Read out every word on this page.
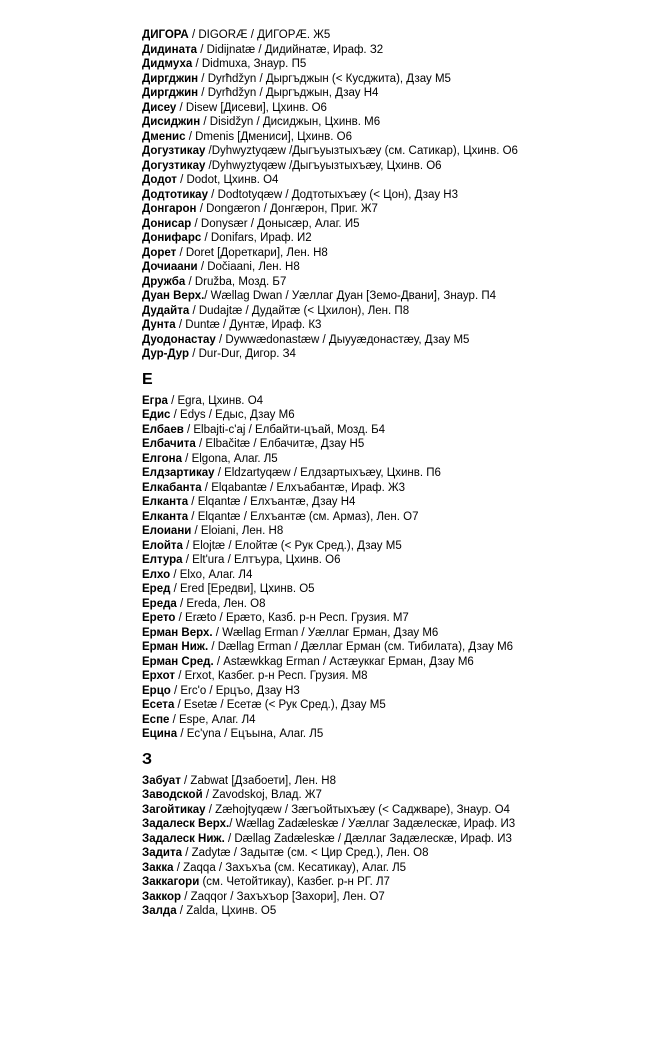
ДИГОРА / DIGORÆ / ДИГОРÆ. Ж5
Дидината / Didijnatæ / Дидийнатæ, Ираф. З2
Дидмуха / Didmuxa, Знаур. П5
Диргджин / Dyrħdžyn / Дыргъджын (< Кусджита), Дзау М5
Диргджин / Dyrħdžyn / Дыргъджын, Дзау Н4
Дисеу / Disew [Дисеви], Цхинв. О6
Дисиджин / Disidžyn / Дисиджын, Цхинв. М6
Дменис / Dmenis [Дмениси], Цхинв. О6
Догузтикау /Dyhwyztyqæw /Дыгъуызтыхъæу (см. Сатикар), Цхинв. О6
Догузтикау /Dyhwyztyqæw /Дыгъуызтыхъæу, Цхинв. О6
Додот / Dodot, Цхинв. О4
Додтотикау / Dodtotyqæw / Додтотыхъæу (< Цон), Дзау Н3
Донгарон / Dongæron / Донгæрон, Приг. Ж7
Донисар / Donysær / Донысæр, Алаг. И5
Донифарс / Donifars, Ираф. И2
Дорет / Doret [Дореткари], Лен. Н8
Дочиаани / Dočiaani, Лен. Н8
Дружба / Družba, Мозд. Б7
Дуан Верх./ Wællag Dwan / Уæллаг Дуан [Земо-Двани], Знаур. П4
Дудайта / Dudajtæ / Дудайтæ (< Цхилон), Лен. П8
Дунта / Duntæ / Дунтæ, Ираф. К3
Дуодонастау / Dywwædonastæw / Дыууæдонастæу, Дзау М5
Дур-Дур / Dur-Dur, Дигор. З4
Е
Егра / Egra, Цхинв. О4
Едис / Edys / Едыс, Дзау М6
Елбаев / Elbajti-c'aj / Елбайти-цъай, Мозд. Б4
Елбачита / Elbačitæ / Елбачитæ, Дзау Н5
Елгона / Elgona, Алаг. Л5
Елдзартикау / Eldzartyqæw / Елдзартыхъæу, Цхинв. П6
Елкабанта / Elqabantæ / Елхъабантæ, Ираф. Ж3
Елканта / Elqantæ / Елхъантæ, Дзау Н4
Елканта / Elqantæ / Елхъантæ (см. Армаз), Лен. О7
Елоиани / Eloiani, Лен. Н8
Елойта / Elojtæ / Елойтæ (< Рук Сред.), Дзау М5
Елтура / Elt'ura / Елтъура, Цхинв. О6
Елхо / Elxo, Алаг. Л4
Еред / Ered [Ередви], Цхинв. О5
Ереда / Ereda, Лен. О8
Ерето / Eræto / Ерæто, Казб. р-н Респ. Грузия. М7
Ерман Верх. / Wællag Erman / Уæллаг Ерман, Дзау М6
Ерман Ниж. / Dællag Erman / Дæллаг Ерман (см. Тибилата), Дзау М6
Ерман Сред. / Astæwkkag Erman / Астæуккаг Ерман, Дзау М6
Ерхот / Erxot, Казбег. р-н Респ. Грузия. М8
Ерцо / Erc'o / Ерцъо, Дзау Н3
Есета / Esetæ / Есетæ (< Рук Сред.), Дзау М5
Еспе / Espe, Алаг. Л4
Ецина / Ec'yna / Ецъына, Алаг. Л5
З
Забуат / Zabwat [Дзабоети], Лен. Н8
Заводской / Zavodskoj, Влад. Ж7
Загойтикау / Zæhojtyqæw / Зæгъойтыхъæу (< Саджваре), Знаур. О4
Задалеск Верх./ Wællag Zadæleskæ / Уæллаг Задæлескæ, Ираф. И3
Задалеск Ниж. / Dællag Zadæleskæ / Дæллаг Задæлескæ, Ираф. И3
Задита / Zadytæ / Задытæ (см. < Цир Сред.), Лен. О8
Закка / Zaqqa / Захъхъа (см. Кесатикау), Алаг. Л5
Заккагори (см. Четойтикау), Казбег. р-н РГ. Л7
Заккор / Zaqqor / Захъхъор [Захори], Лен. О7
Залда / Zalda, Цхинв. О5
